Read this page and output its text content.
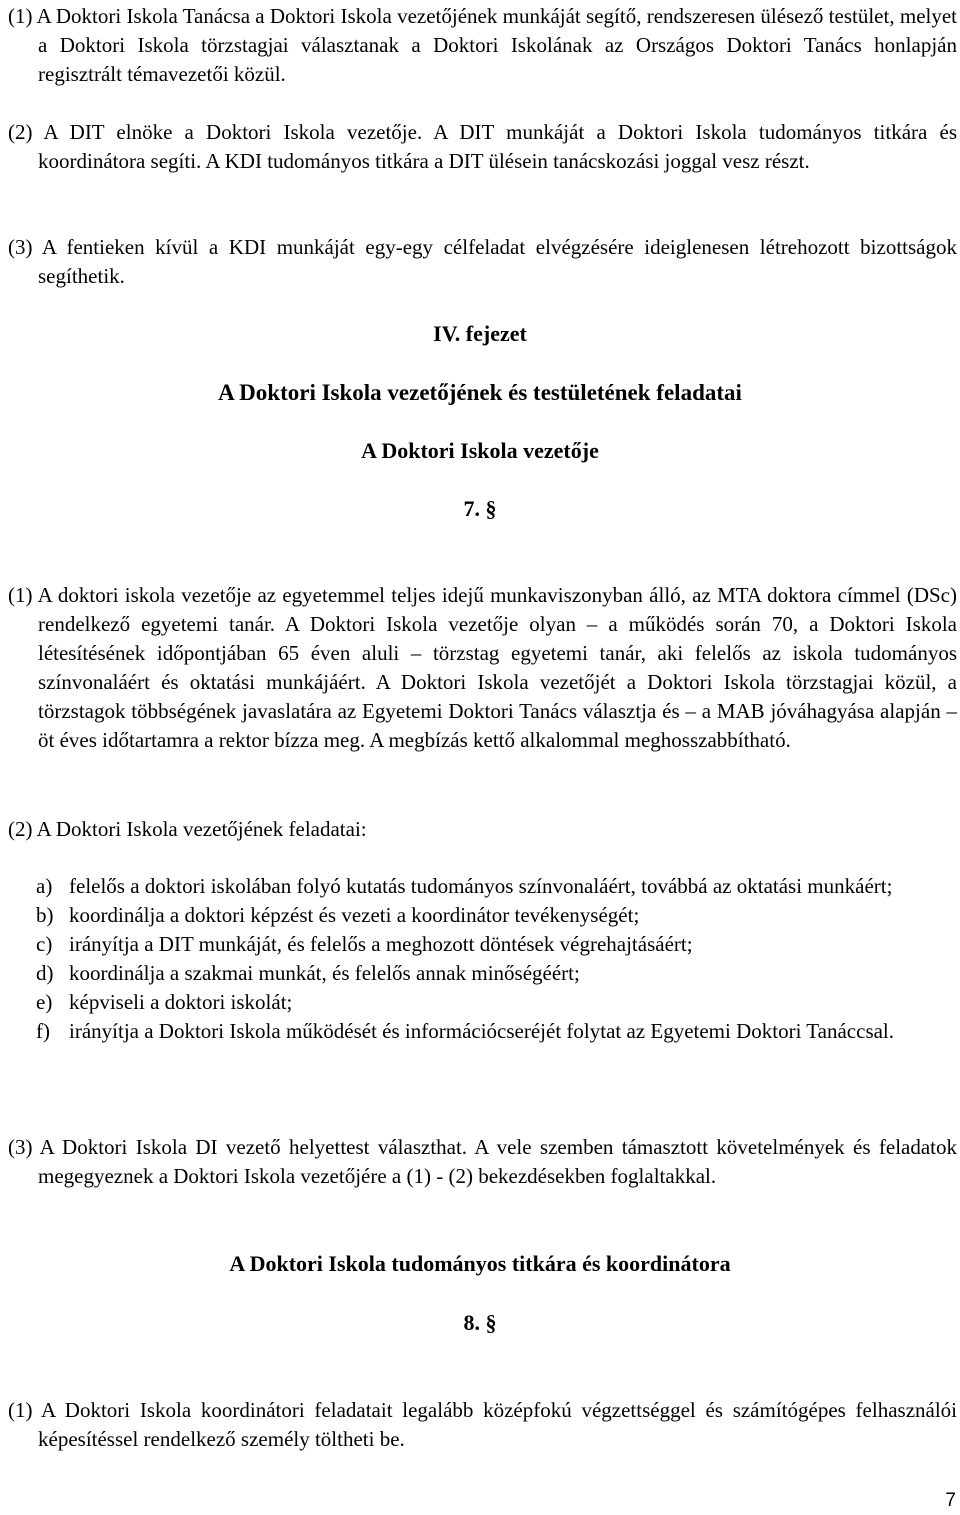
(1) A Doktori Iskola Tanácsa a Doktori Iskola vezetőjének munkáját segítő, rendszeresen ülésező testület, melyet a Doktori Iskola törzstagjai választanak a Doktori Iskolának az Országos Doktori Tanács honlapján regisztrált témavezetői közül.

(2) A DIT elnöke a Doktori Iskola vezetője. A DIT munkáját a Doktori Iskola tudományos titkára és koordinátora segíti. A KDI tudományos titkára a DIT ülésein tanácskozási joggal vesz részt.

(3) A fentieken kívül a KDI munkáját egy-egy célfeladat elvégzésére ideiglenesen létrehozott bizottságok segíthetik.

IV. fejezet
A Doktori Iskola vezetőjének és testületének feladatai
A Doktori Iskola vezetője
7. §

(1) A doktori iskola vezetője az egyetemmel teljes idejű munkaviszonyban álló, az MTA doktora címmel (DSc) rendelkező egyetemi tanár. A Doktori Iskola vezetője olyan – a működés során 70, a Doktori Iskola létesítésének időpontjában 65 éven aluli – törzstag egyetemi tanár, aki felelős az iskola tudományos színvonaláért és oktatási munkájáért. A Doktori Iskola vezetőjét a Doktori Iskola törzstagjai közül, a törzstagok többségének javaslatára az Egyetemi Doktori Tanács választja és – a MAB jóváhagyása alapján – öt éves időtartamra a rektor bízza meg. A megbízás kettő alkalommal meghosszabbítható.

(2) A Doktori Iskola vezetőjének feladatai:

a) felelős a doktori iskolában folyó kutatás tudományos színvonaláért, továbbá az oktatási munkáért;
b) koordinálja a doktori képzést és vezeti a koordinátor tevékenységét;
c) irányítja a DIT munkáját, és felelős a meghozott döntések végrehajtásáért;
d) koordinálja a szakmai munkát, és felelős annak minőségéért;
e) képviseli a doktori iskolát;
f) irányítja a Doktori Iskola működését és információcseréjét folytat az Egyetemi Doktori Tanáccsal.

(3) A Doktori Iskola DI vezető helyettest választhat. A vele szemben támasztott követelmények és feladatok megegyeznek a Doktori Iskola vezetőjére a (1) - (2) bekezdésekben foglaltakkal.

A Doktori Iskola tudományos titkára és koordinátora
8. §

(1) A Doktori Iskola koordinátori feladatait legalább középfokú végzettséggel és számítógépes felhasználói képesítéssel rendelkező személy töltheti be.

7
